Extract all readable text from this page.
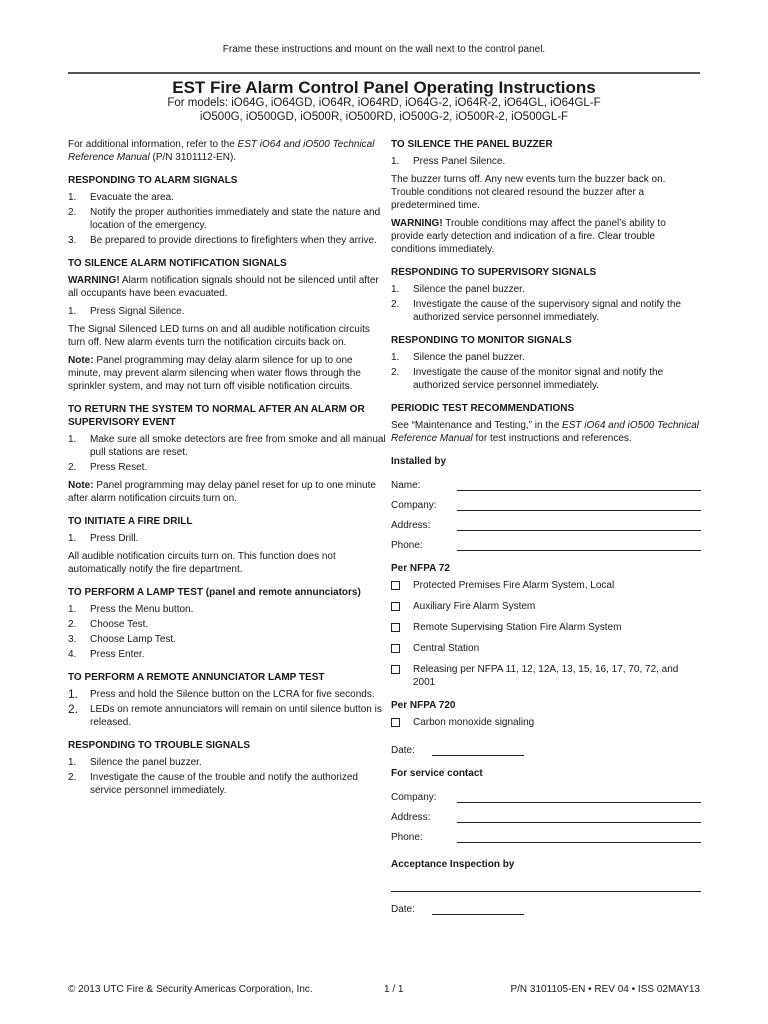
Frame these instructions and mount on the wall next to the control panel.
EST Fire Alarm Control Panel Operating Instructions
For models: iO64G, iO64GD, iO64R, iO64RD, iO64G-2, iO64R-2, iO64GL, iO64GL-F
iO500G, iO500GD, iO500R, iO500RD, iO500G-2, iO500R-2, iO500GL-F

For additional information, refer to the EST iO64 and iO500 Technical Reference Manual (P/N 3101112-EN).

RESPONDING TO ALARM SIGNALS
1.	Evacuate the area.
2.	Notify the proper authorities immediately and state the nature and location of the emergency.
3.	Be prepared to provide directions to firefighters when they arrive.
TO SILENCE ALARM NOTIFICATION SIGNALS

WARNING! Alarm notification signals should not be silenced until after all occupants have been evacuated.

1.	Press Signal Silence.

The Signal Silenced LED turns on and all audible notification circuits turn off. New alarm events turn the notification circuits back on.

Note: Panel programming may delay alarm silence for up to one minute, may prevent alarm silencing when water flows through the sprinkler system, and may not turn off visible notification circuits.

TO RETURN THE SYSTEM TO NORMAL AFTER AN ALARM OR SUPERVISORY EVENT
1.	Make sure all smoke detectors are free from smoke and all manual pull stations are reset.
2.	Press Reset.

Note: Panel programming may delay panel reset for up to one minute after alarm notification circuits turn on.

TO INITIATE A FIRE DRILL
1.	Press Drill.

All audible notification circuits turn on. This function does not automatically notify the fire department.

TO PERFORM A LAMP TEST (panel and remote annunciators)
1.	Press the Menu button.
2.	Choose Test.
3.	Choose Lamp Test.
4.	Press Enter.
TO PERFORM A REMOTE ANNUNCIATOR LAMP TEST
1.	Press and hold the Silence button on the LCRA for five seconds.
2.	LEDs on remote annunciators will remain on until silence button is released.
RESPONDING TO TROUBLE SIGNALS
1.	Silence the panel buzzer.
2.	Investigate the cause of the trouble and notify the authorized service personnel immediately.
TO SILENCE THE PANEL BUZZER
1.	Press Panel Silence.

The buzzer turns off. Any new events turn the buzzer back on. Trouble conditions not cleared resound the buzzer after a predetermined time.

WARNING! Trouble conditions may affect the panel’s ability to provide early detection and indication of a fire. Clear trouble conditions immediately.

RESPONDING TO SUPERVISORY SIGNALS
1.	Silence the panel buzzer.
2.	Investigate the cause of the supervisory signal and notify the authorized service personnel immediately.
RESPONDING TO MONITOR SIGNALS
1.	Silence the panel buzzer.
2.	Investigate the cause of the monitor signal and notify the authorized service personnel immediately.
PERIODIC TEST RECOMMENDATIONS

See “Maintenance and Testing,” in the EST iO64 and iO500 Technical Reference Manual for test instructions and references.

Installed by
Name:
Company:
Address:
Phone:
Per NFPA 72
Protected Premises Fire Alarm System, Local
Auxiliary Fire Alarm System
Remote Supervising Station Fire Alarm System
Central Station
Releasing per NFPA 11, 12, 12A, 13, 15, 16, 17, 70, 72, and 2001
Per NFPA 720
Carbon monoxide signaling
Date:
For service contact
Company:
Address:
Phone:
Acceptance Inspection by
Date:
© 2013 UTC Fire & Security Americas Corporation, Inc.	1 / 1	P/N 3101105-EN • REV 04 • ISS 02MAY13
